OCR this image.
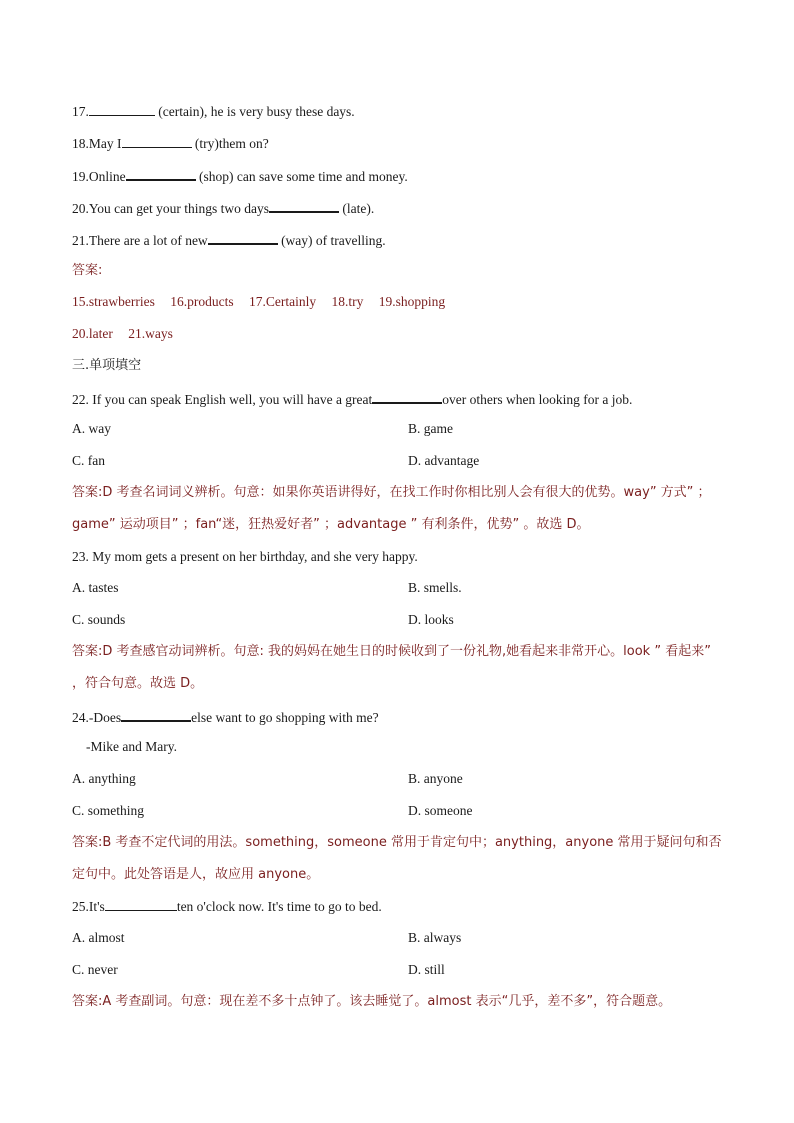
17.	(certain), he is very busy these days.
18.May I	(try)them on?
19.Online	(shop) can save some time and money.
20.You can get your things two days	(late).
21.There are a lot of new	(way) of travelling.
答案:
15.strawberries 16.products 17.Certainly 18.try 19.shopping
20.later 21.ways
三.单项填空
22. If you can speak English well, you will have a great	over others when looking for a job.
A. way	B. game
C. fan	D. advantage
答案:D 考查名词词义辨析。句意：如果你英语讲得好，在找工作时你相比别人会有很大的优势。way” 方式” ；game” 运动项目” ；fan“迷，狂热爱好者” ；advantage ” 有利条件，优势” 。故选 D。
23. My mom gets a present on her birthday, and she very happy.
A. tastes	B. smells.
C. sounds	D. looks
答案:D 考查感官动词辨析。句意: 我的妈妈在她生日的时候收到了一份礼物,她看起来非常开心。look ” 看起来” ，符合句意。故选 D。
24.-Does	else want to go shopping with me?
-Mike and Mary.
A. anything	B. anyone
C. something	D. someone
答案:B 考查不定代词的用法。something，someone 常用于肯定句中；anything，anyone 常用于疑问句和否定句中。此处答语是人，故应用 anyone。
25.It's	ten o'clock now. It's time to go to bed.
A. almost	B. always
C. never	D. still
答案:A 考查副词。句意：现在差不多十点钟了。该去睡觉了。almost 表示“几乎，差不多”，符合题意。
